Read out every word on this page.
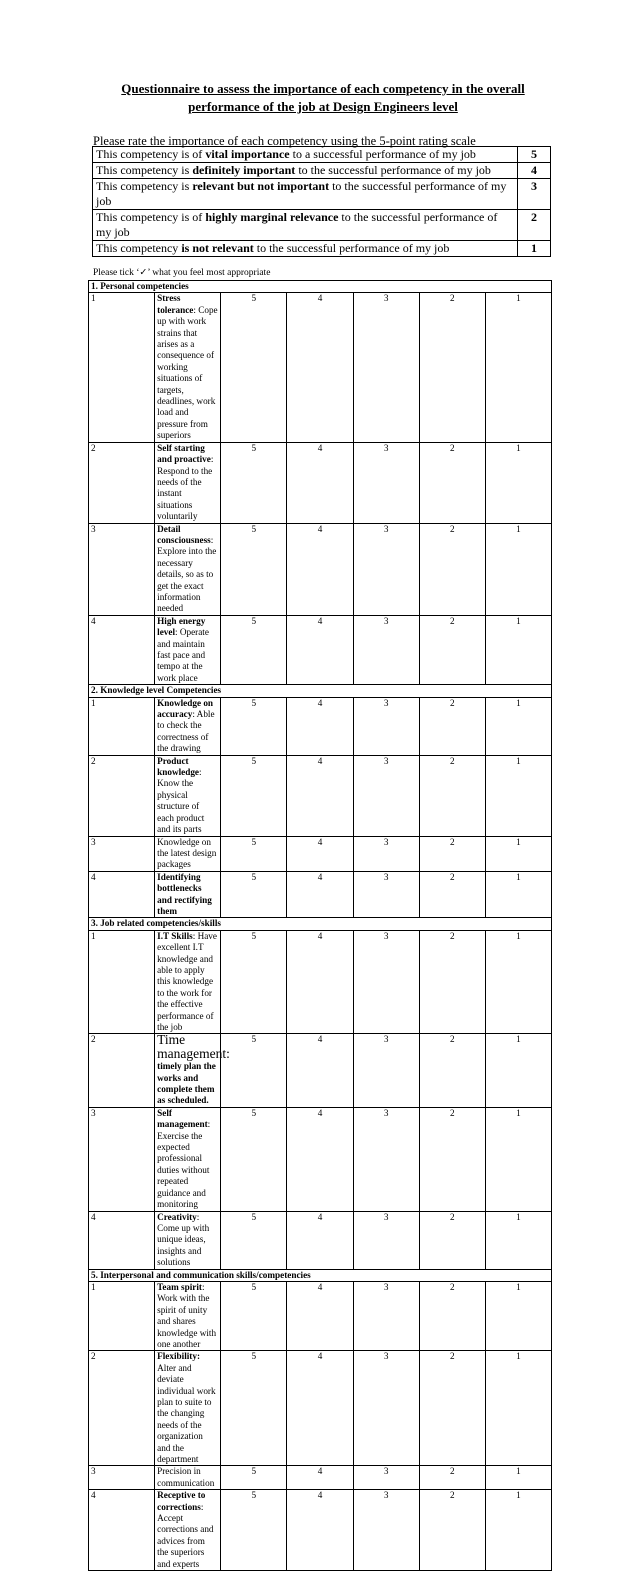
Questionnaire to assess the importance of each competency in the overall
performance of the job at Design Engineers level
Please rate the importance of each competency using the 5-point rating scale
This competency is of vital importance to a successful performance of my job	5
This competency is definitely important to the successful performance of my job	4
This competency is relevant but not important to the successful performance of my job	3
This competency is of highly marginal relevance to the successful performance of my job	2
This competency is not relevant to the successful performance of my job	1
Please tick ‘✓’ what you feel most appropriate
1. Personal competencies						
1	Stress tolerance: Cope up with work strains that arises as a consequence of working situations of targets, deadlines, work load and pressure from superiors	5	4	3	2	1
2	Self starting and proactive: Respond to the needs of the instant situations voluntarily	5	4	3	2	1
3	Detail consciousness: Explore into the necessary details, so as to get the exact information needed	5	4	3	2	1
4	High energy level: Operate and maintain fast pace and tempo at the work place	5	4	3	2	1
2. Knowledge level Competencies						
1	Knowledge on accuracy: Able to check the correctness of the drawing	5	4	3	2	1
2	Product knowledge: Know the physical structure of each product and its parts	5	4	3	2	1
3	Knowledge on the latest design packages	5	4	3	2	1
4	Identifying bottlenecks and rectifying them	5	4	3	2	1
3. Job related competencies/skills						
1	I.T Skills: Have excellent I.T knowledge and able to apply this knowledge to the work for the effective performance of the job	5	4	3	2	1
2	Time management: timely plan the works and complete them as scheduled.	5	4	3	2	1
3	Self management: Exercise the expected professional duties without repeated guidance and monitoring	5	4	3	2	1
4	Creativity: Come up with unique ideas, insights and solutions	5	4	3	2	1
5. Interpersonal and communication skills/competencies						
1	Team spirit: Work with the spirit of unity and shares knowledge with one another	5	4	3	2	1
2	Flexibility: Alter and deviate individual work plan to suite to the changing needs of the organization and the department	5	4	3	2	1
3	Precision in communication	5	4	3	2	1
4	Receptive to corrections: Accept corrections and advices from the superiors and experts	5	4	3	2	1
